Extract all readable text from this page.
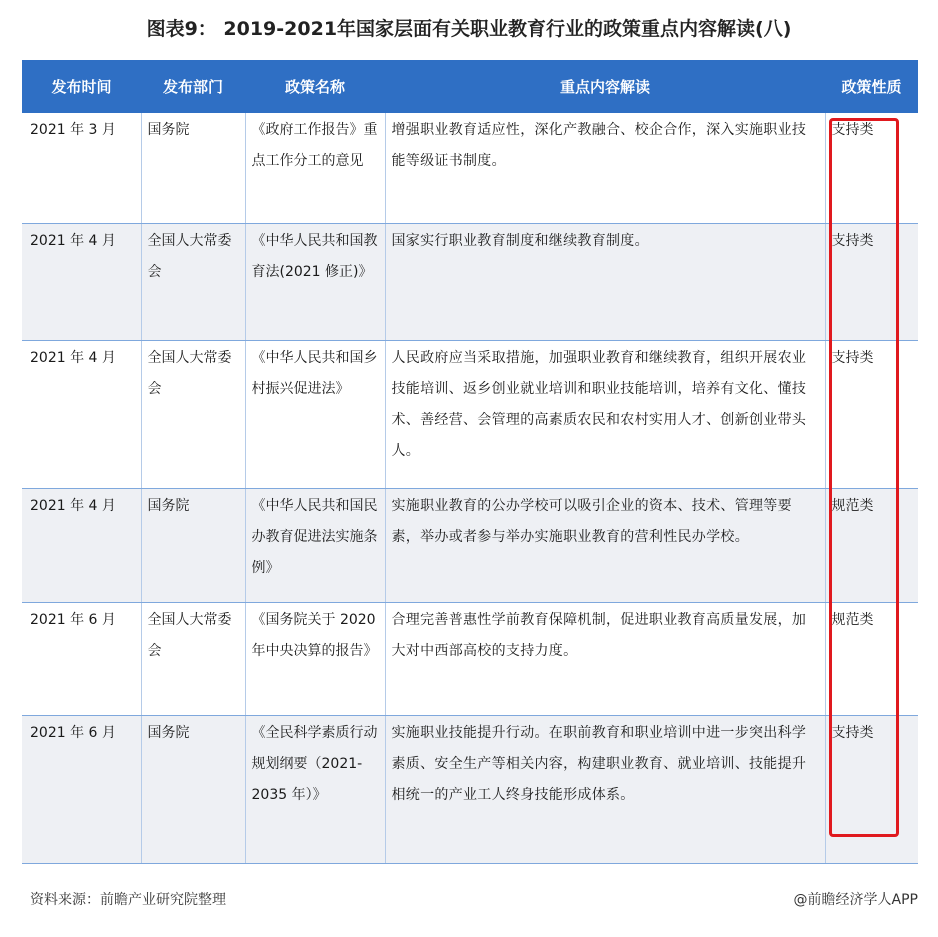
图表9： 2019-2021年国家层面有关职业教育行业的政策重点内容解读(八)
发布时间	发布部门	政策名称	重点内容解读	政策性质
2021 年 3 月	国务院	《政府工作报告》重点工作分工的意见	增强职业教育适应性，深化产教融合、校企合作，深入实施职业技能等级证书制度。	支持类
2021 年 4 月	全国人大常委会	《中华人民共和国教育法(2021 修正)》	国家实行职业教育制度和继续教育制度。	支持类
2021 年 4 月	全国人大常委会	《中华人民共和国乡村振兴促进法》	人民政府应当采取措施，加强职业教育和继续教育，组织开展农业技能培训、返乡创业就业培训和职业技能培训，培养有文化、懂技术、善经营、会管理的高素质农民和农村实用人才、创新创业带头人。	支持类
2021 年 4 月	国务院	《中华人民共和国民办教育促进法实施条例》	实施职业教育的公办学校可以吸引企业的资本、技术、管理等要素，举办或者参与举办实施职业教育的营利性民办学校。	规范类
2021 年 6 月	全国人大常委会	《国务院关于 2020 年中央决算的报告》	合理完善普惠性学前教育保障机制，促进职业教育高质量发展，加大对中西部高校的支持力度。	规范类
2021 年 6 月	国务院	《全民科学素质行动规划纲要（2021-2035 年）》	实施职业技能提升行动。在职前教育和职业培训中进一步突出科学素质、安全生产等相关内容，构建职业教育、就业培训、技能提升相统一的产业工人终身技能形成体系。	支持类
资料来源：前瞻产业研究院整理	@前瞻经济学人APP
